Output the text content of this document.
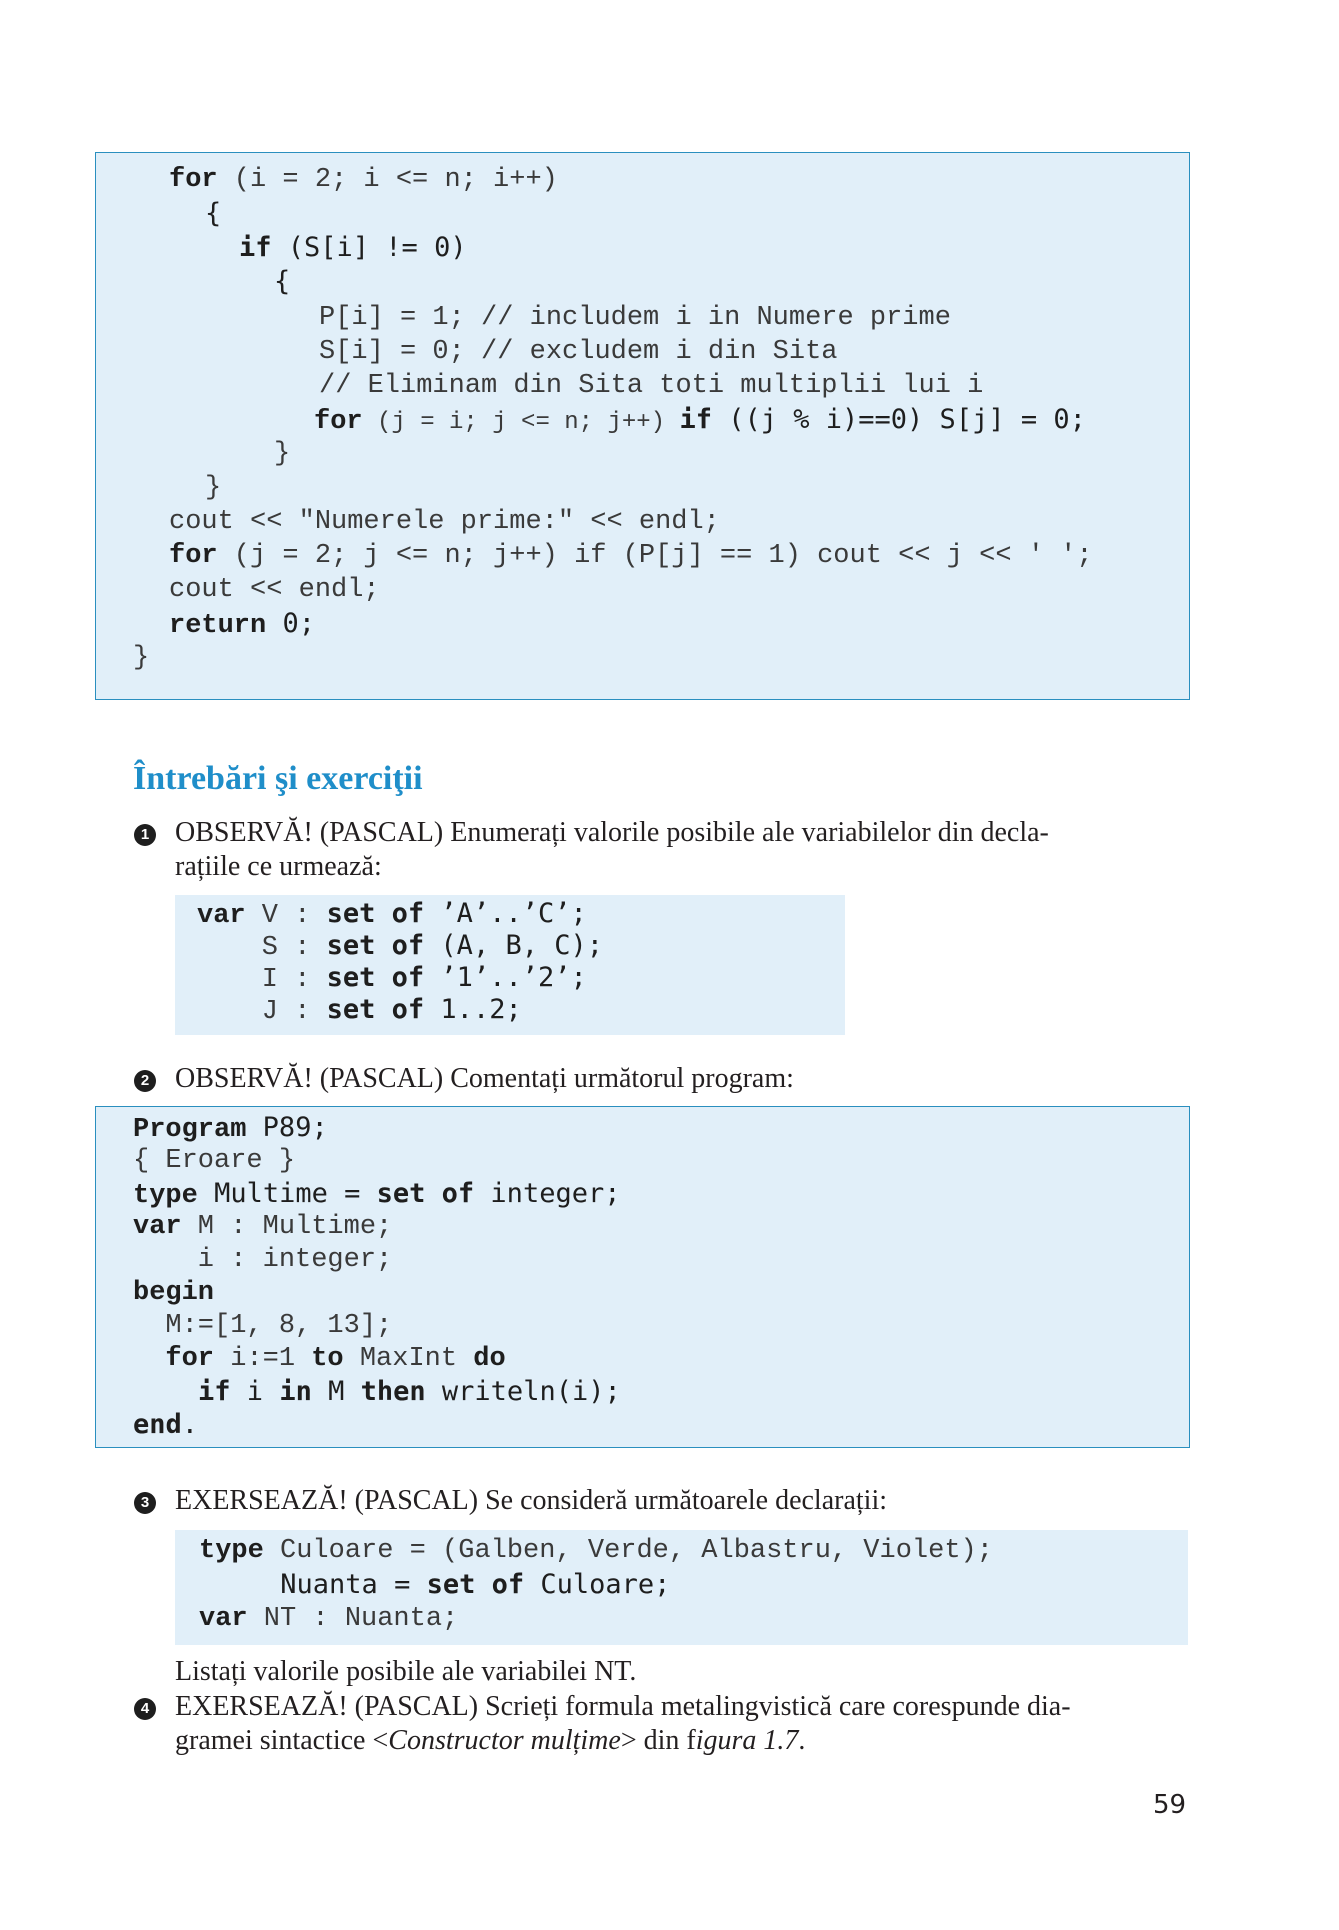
for (i = 2; i <= n; i++)

{

if (S[i] != 0)

{

P[i] = 1; // includem i in Numere prime

S[i] = 0; // excludem i din Sita

// Eliminam din Sita toti multiplii lui i

for (j = i; j <= n; j++) if ((j % i)==0) S[j] = 0;

}

}

cout << "Numerele prime:" << endl;

for (j = 2; j <= n; j++) if (P[j] == 1) cout << j << ' ';

cout << endl;

return 0;

}

Întrebări şi exerciţii
1 OBSERVĂ! (PASCAL) Enumerați valorile posibile ale variabilelor din decla-
rațiile ce urmează:

var V : set of ’A’..’C’;

S : set of (A, B, C);

I : set of ’1’..’2’;

J : set of 1..2;

2 OBSERVĂ! (PASCAL) Comentați următorul program:

Program P89;

{ Eroare }

type Multime = set of integer;

var M : Multime;

i : integer;

begin

M:=[1, 8, 13];

for i:=1 to MaxInt do

if i in M then writeln(i);

end.

3 EXERSEAZĂ! (PASCAL) Se consideră următoarele declarații:

type Culoare = (Galben, Verde, Albastru, Violet);

Nuanta = set of Culoare;

var NT : Nuanta;

Listați valorile posibile ale variabilei NT.
4 EXERSEAZĂ! (PASCAL) Scrieți formula metalingvistică care corespunde dia-
gramei sintactice <Constructor mulțime> din figura 1.7.
59
